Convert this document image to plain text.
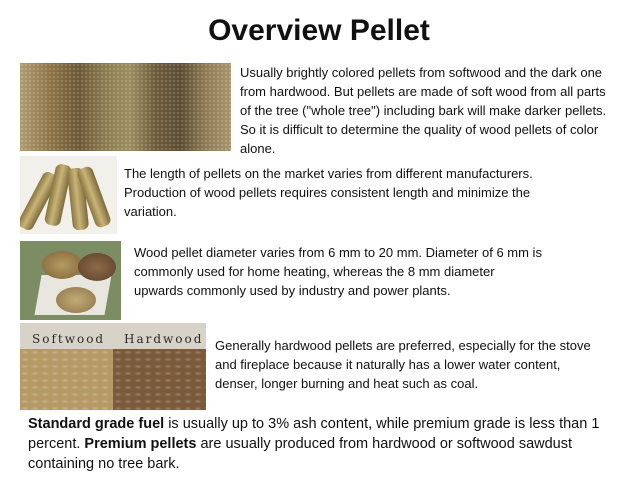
Overview Pellet
Usually brightly colored pellets from softwood and the dark one from hardwood. But pellets are made of soft wood from all parts of the tree ("whole tree") including bark will make darker pellets. So it is difficult to determine the quality of wood pellets of color alone.
The length of pellets on the market varies from different manufacturers. Production of wood pellets requires consistent length and minimize the variation.
Wood pellet diameter varies from 6 mm to 20 mm. Diameter of 6 mm is commonly used for home heating, whereas the 8 mm diameter upwards commonly used by industry and power plants.
Softwood Hardwood Generally hardwood pellets are preferred, especially for the stove and fireplace because it naturally has a lower water content, denser, longer burning and heat such as coal.
Standard grade fuel is usually up to 3% ash content, while premium grade is less than 1 percent. Premium pellets are usually produced from hardwood or softwood sawdust containing no tree bark.
